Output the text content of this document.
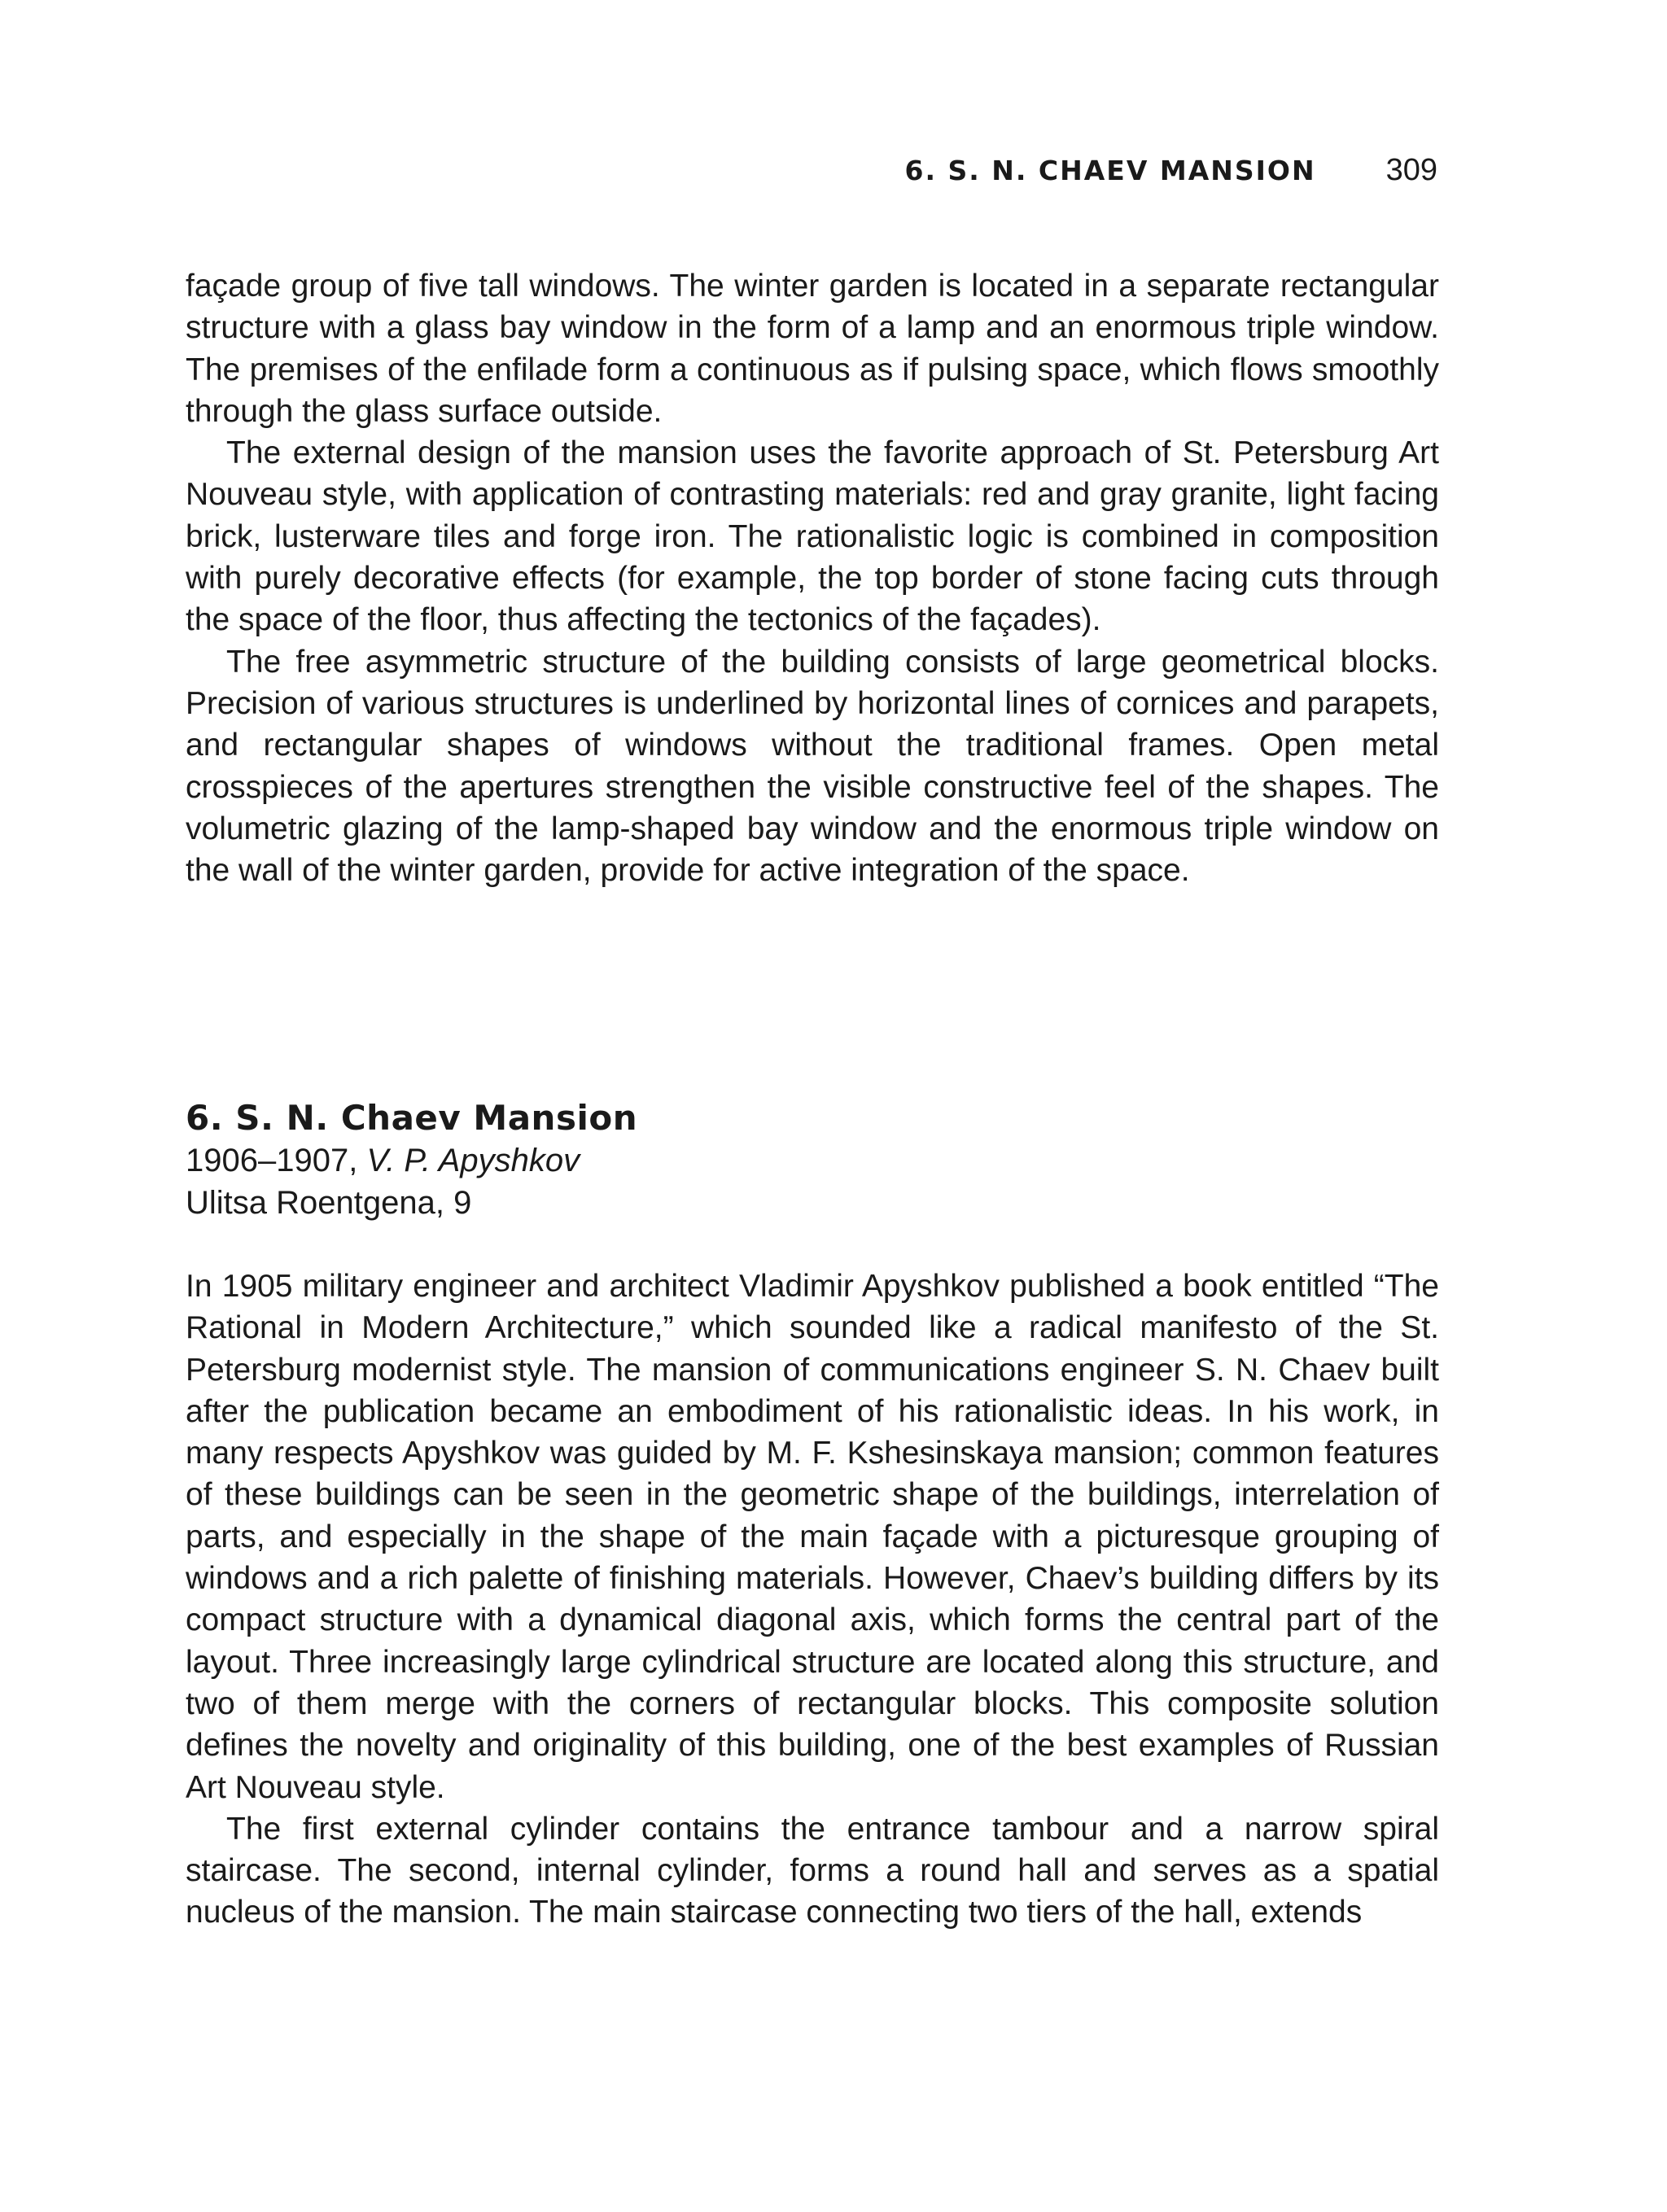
6. S. N. CHAEV MANSION 309

façade group of five tall windows. The winter garden is located in a separate rectangular structure with a glass bay window in the form of a lamp and an enormous triple window. The premises of the enfilade form a continuous as if pulsing space, which flows smoothly through the glass surface outside.

The external design of the mansion uses the favorite approach of St. Petersburg Art Nouveau style, with application of contrasting materials: red and gray granite, light facing brick, lusterware tiles and forge iron. The rationalistic logic is combined in composition with purely decorative effects (for example, the top border of stone facing cuts through the space of the floor, thus affecting the tectonics of the façades).

The free asymmetric structure of the building consists of large geometrical blocks. Precision of various structures is underlined by horizontal lines of cornices and parapets, and rectangular shapes of windows without the traditional frames. Open metal crosspieces of the apertures strengthen the visible constructive feel of the shapes. The volumetric glazing of the lamp-shaped bay window and the enormous triple window on the wall of the winter garden, provide for active integration of the space.

6. S. N. Chaev Mansion
1906–1907, V. P. Apyshkov
Ulitsa Roentgena, 9

In 1905 military engineer and architect Vladimir Apyshkov published a book entitled “The Rational in Modern Architecture,” which sounded like a radical manifesto of the St. Petersburg modernist style. The mansion of communications engineer S. N. Chaev built after the publication became an embodiment of his rationalistic ideas. In his work, in many respects Apyshkov was guided by M. F. Kshesinskaya mansion; common features of these buildings can be seen in the geometric shape of the buildings, interrelation of parts, and especially in the shape of the main façade with a picturesque grouping of windows and a rich palette of finishing materials. However, Chaev’s building differs by its compact structure with a dynamical diagonal axis, which forms the central part of the layout. Three increasingly large cylindrical structure are located along this structure, and two of them merge with the corners of rectangular blocks. This composite solution defines the novelty and originality of this building, one of the best examples of Russian Art Nouveau style.

The first external cylinder contains the entrance tambour and a narrow spiral staircase. The second, internal cylinder, forms a round hall and serves as a spatial nucleus of the mansion. The main staircase connecting two tiers of the hall, extends
